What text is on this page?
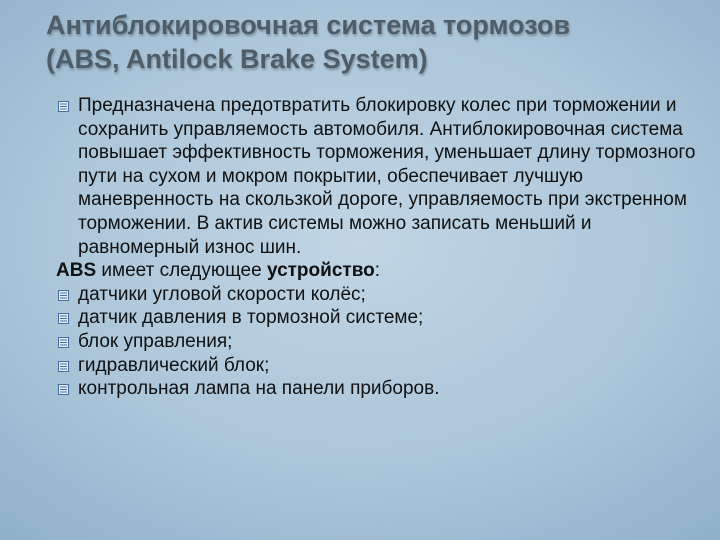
Антиблокировочная система тормозов
(ABS, Antilock Brake System)

Предназначена предотвратить блокировку колес при торможении и сохранить управляемость автомобиля. Антиблокировочная система повышает эффективность торможения, уменьшает длину тормозного пути на сухом и мокром покрытии, обеспечивает лучшую маневренность на скользкой дороге, управляемость при экстренном торможении. В актив системы можно записать меньший и равномерный износ шин.

ABS имеет следующее устройство:

датчики угловой скорости колёс;
датчик давления в тормозной системе;
блок управления;
гидравлический блок;
контрольная лампа на панели приборов.
